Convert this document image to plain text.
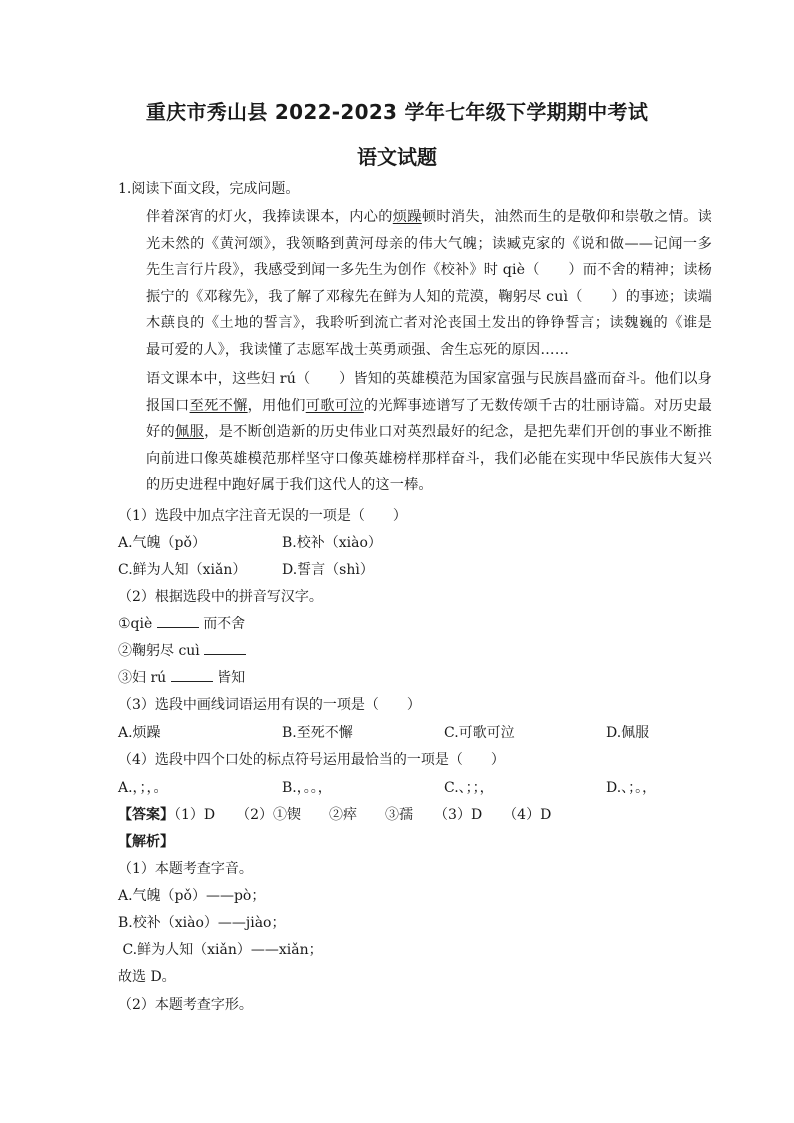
重庆市秀山县 2022-2023 学年七年级下学期期中考试
语文试题
1.阅读下面文段，完成问题。
伴着深宵的灯火，我捧读课本，内心的烦躁顿时消失，油然而生的是敬仰和崇敬之情。读光未然的《黄河颂》，我领略到黄河母亲的伟大气魄；读臧克家的《说和做——记闻一多先生言行片段》，我感受到闻一多先生为创作《校补》时 qiè（　　）而不舍的精神；读杨振宁的《邓稼先》，我了解了邓稼先在鲜为人知的荒漠，鞠躬尽 cuì（　　）的事迹；读端木蕻良的《土地的誓言》，我聆听到流亡者对沦丧国土发出的铮铮誓言；读魏巍的《谁是最可爱的人》，我读懂了志愿军战士英勇顽强、舍生忘死的原因……
语文课本中，这些妇 rú（　　）皆知的英雄模范为国家富强与民族昌盛而奋斗。他们以身报国口至死不懈，用他们可歌可泣的光辉事迹谱写了无数传颂千古的壮丽诗篇。对历史最好的佩服，是不断创造新的历史伟业口对英烈最好的纪念，是把先辈们开创的事业不断推向前进口像英雄模范那样坚守口像英雄榜样那样奋斗，我们必能在实现中华民族伟大复兴的历史进程中跑好属于我们这代人的这一棒。
（1）选段中加点字注音无误的一项是（　　）
A.气魄（pǒ）	B.校补（xiào）
C.鲜为人知（xiǎn）	D.誓言（shì）
（2）根据选段中的拼音写汉字。
①qiè	而不舍
②鞠躬尽 cuì
③妇 rú	皆知
（3）选段中画线词语运用有误的一项是（　　）
A.烦躁	B.至死不懈	C.可歌可泣	D.佩服
（4）选段中四个口处的标点符号运用最恰当的一项是（　　）
A.，；，。	B.，。。，	C.、；；，	D.、；。，
【答案】（1）D　　（2）①锲　　②瘁　　③孺　　（3）D　　（4）D
【解析】
（1）本题考查字音。
A.气魄（pǒ）——pò；
B.校补（xiào）——jiào；
C.鲜为人知（xiǎn）——xiǎn；
故选 D。
（2）本题考查字形。
